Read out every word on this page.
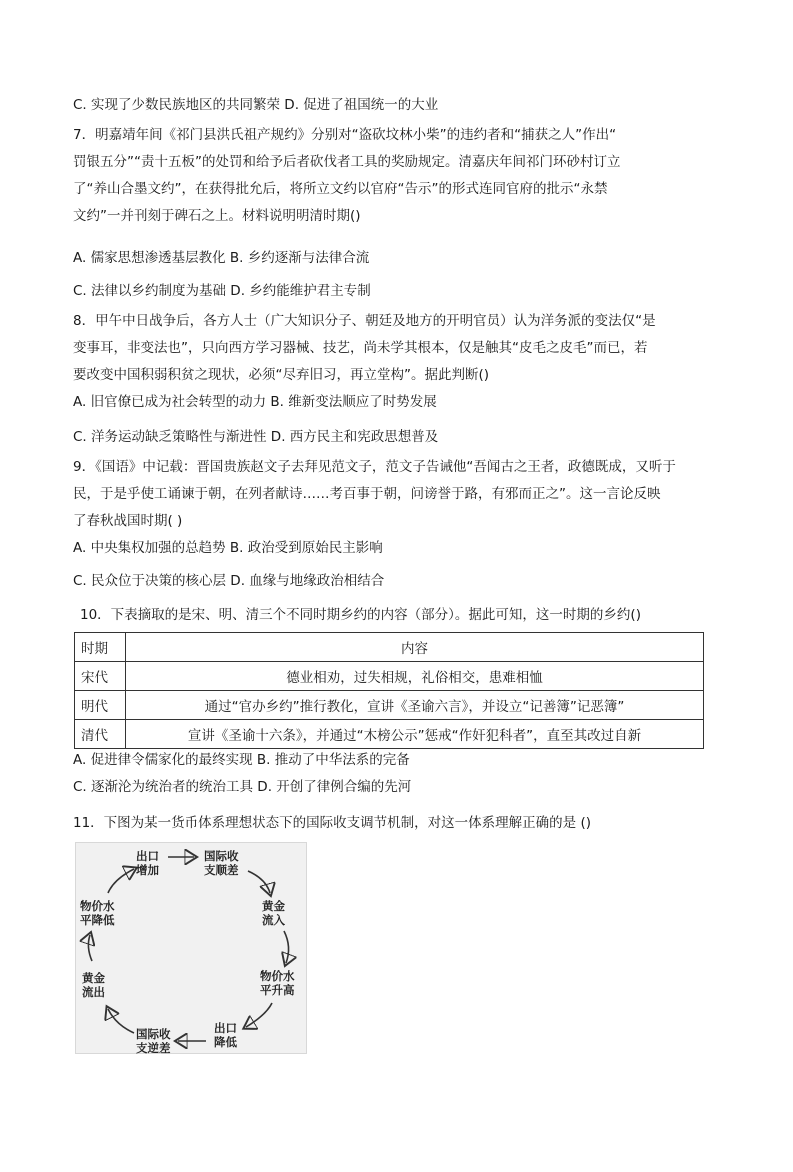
C. 实现了少数民族地区的共同繁荣 D. 促进了祖国统一的大业
7．明嘉靖年间《祁门县洪氏祖产规约》分别对“盗砍坟林小柴”的违约者和“捕获之人”作出“
罚银五分”“责十五板”的处罚和给予后者砍伐者工具的奖励规定。清嘉庆年间祁门环砂村订立
了“养山合墨文约”，在获得批允后，将所立文约以官府“告示”的形式连同官府的批示“永禁
文约”一并刊刻于碑石之上。材料说明明清时期()
A. 儒家思想渗透基层教化 B. 乡约逐渐与法律合流
C. 法律以乡约制度为基础 D. 乡约能维护君主专制
8．甲午中日战争后，各方人士（广大知识分子、朝廷及地方的开明官员）认为洋务派的变法仅“是
变事耳，非变法也”，只向西方学习器械、技艺，尚未学其根本，仅是触其“皮毛之皮毛”而已，若
要改变中国积弱积贫之现状，必须“尽弃旧习，再立堂构”。据此判断()
A. 旧官僚已成为社会转型的动力 B. 维新变法顺应了时势发展
C. 洋务运动缺乏策略性与渐进性 D. 西方民主和宪政思想普及
9．《国语》中记载：晋国贵族赵文子去拜见范文子，范文子告诫他“吾闻古之王者，政德既成，又听于
民，于是乎使工诵谏于朝，在列者献诗……考百事于朝，问谤誉于路，有邪而正之”。这一言论反映
了春秋战国时期( )
A. 中央集权加强的总趋势 B. 政治受到原始民主影响
C. 民众位于决策的核心层 D. 血缘与地缘政治相结合
10．下表摘取的是宋、明、清三个不同时期乡约的内容（部分）。据此可知，这一时期的乡约()
时期	内容
宋代	德业相劝，过失相规，礼俗相交，患难相恤
明代	通过“官办乡约”推行教化，宣讲《圣谕六言》，并设立“记善簿”记恶簿”
清代	宣讲《圣谕十六条》，并通过“木榜公示”惩戒“作奸犯科者”，直至其改过自新
A. 促进律令儒家化的最终实现 B. 推动了中华法系的完备
C. 逐渐沦为统治者的统治工具 D. 开创了律例合编的先河
11．下图为某一货币体系理想状态下的国际收支调节机制，对这一体系理解正确的是 ()
出口
增加
国际收
支顺差
黄金
流入
物价水
平升高
出口
降低
国际收
支逆差
黄金
流出
物价水
平降低
